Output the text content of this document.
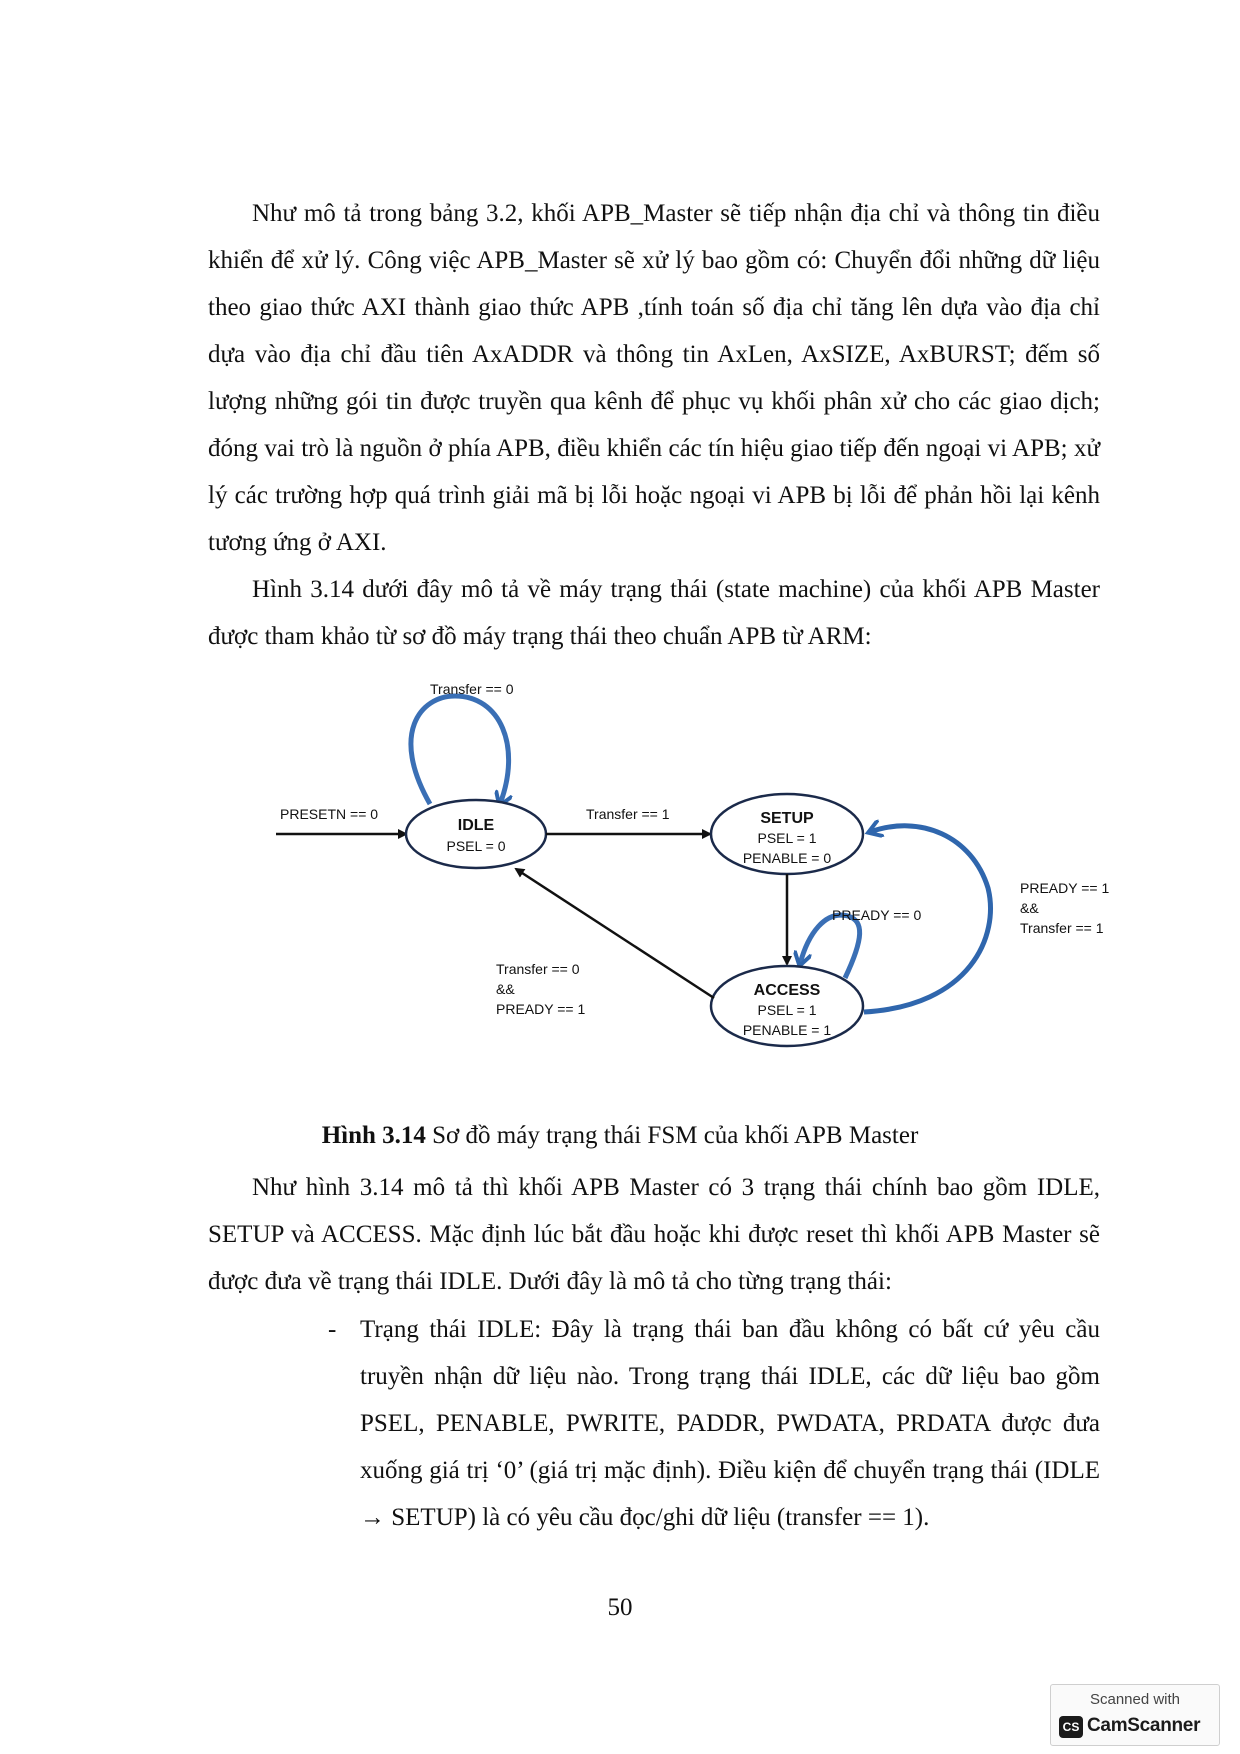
Như mô tả trong bảng 3.2, khối APB_Master sẽ tiếp nhận địa chỉ và thông tin điều khiển để xử lý. Công việc APB_Master sẽ xử lý bao gồm có: Chuyển đổi những dữ liệu theo giao thức AXI thành giao thức APB ,tính toán số địa chỉ tăng lên dựa vào địa chỉ dựa vào địa chỉ đầu tiên AxADDR và thông tin AxLen, AxSIZE, AxBURST; đếm số lượng những gói tin được truyền qua kênh để phục vụ khối phân xử cho các giao dịch; đóng vai trò là nguồn ở phía APB, điều khiển các tín hiệu giao tiếp đến ngoại vi APB; xử lý các trường hợp quá trình giải mã bị lỗi hoặc ngoại vi APB bị lỗi để phản hồi lại kênh tương ứng ở AXI.

Hình 3.14 dưới đây mô tả về máy trạng thái (state machine) của khối APB Master được tham khảo từ sơ đồ máy trạng thái theo chuẩn APB từ ARM:

PRESETN == 0
Transfer == 0
IDLE
PSEL = 0
Transfer == 1	SETUP
PSEL = 1
PENABLE = 0
PREADY == 0
ACCESS
PSEL = 1
PENABLE = 1
Transfer == 0
&&
PREADY == 1
PREADY == 1
&&
Transfer == 1
Hình 3.14 Sơ đồ máy trạng thái FSM của khối APB Master

Như hình 3.14 mô tả thì khối APB Master có 3 trạng thái chính bao gồm IDLE, SETUP và ACCESS. Mặc định lúc bắt đầu hoặc khi được reset thì khối APB Master sẽ được đưa về trạng thái IDLE. Dưới đây là mô tả cho từng trạng thái:

- Trạng thái IDLE: Đây là trạng thái ban đầu không có bất cứ yêu cầu truyền nhận dữ liệu nào. Trong trạng thái IDLE, các dữ liệu bao gồm PSEL, PENABLE, PWRITE, PADDR, PWDATA, PRDATA được đưa xuống giá trị ‘0’ (giá trị mặc định). Điều kiện để chuyển trạng thái (IDLE → SETUP) là có yêu cầu đọc/ghi dữ liệu (transfer == 1).
50
Scanned with
CS CamScanner
